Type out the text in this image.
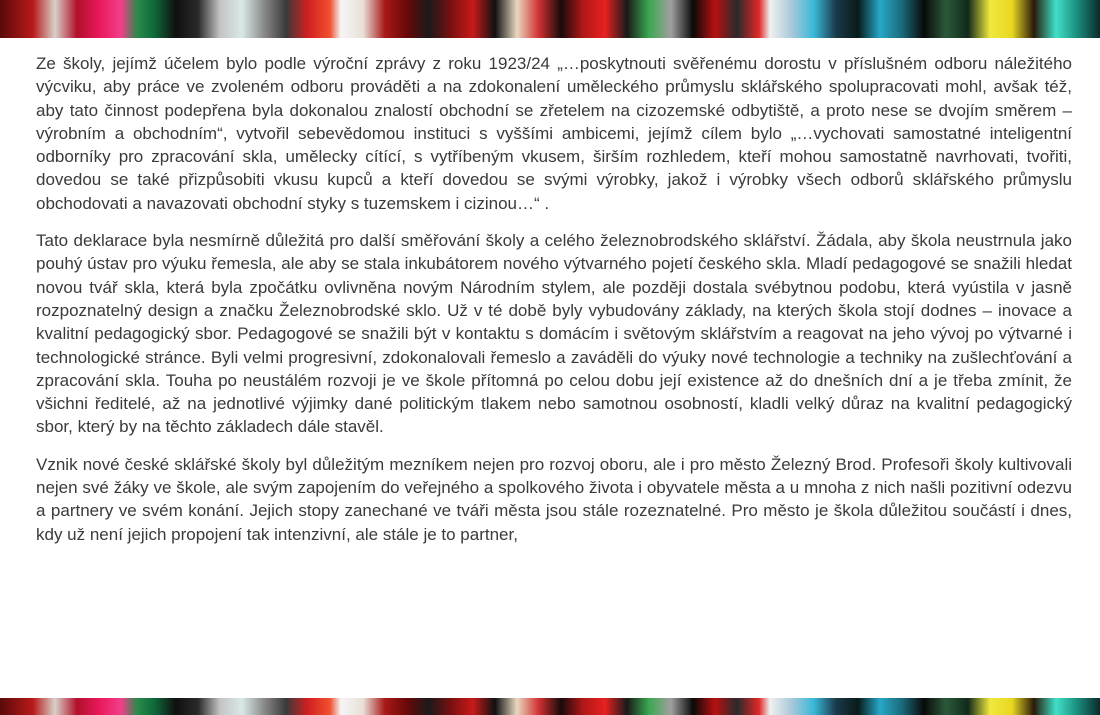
Ze školy, jejímž účelem bylo podle výroční zprávy z roku 1923/24 „…poskytnouti svěřenému dorostu v příslušném odboru náležitého výcviku, aby práce ve zvoleném odboru prováděti a na zdokonalení uměleckého průmyslu sklářského spolupracovati mohl, avšak též, aby tato činnost podepřena byla dokonalou znalostí obchodní se zřetelem na cizozemské odbytiště, a proto nese se dvojím směrem – výrobním a obchodním“, vytvořil sebevědomou instituci s vyššími ambicemi, jejímž cílem bylo „…vychovati samostatné inteligentní odborníky pro zpracování skla, umělecky cítící, s vytříbeným vkusem, širším rozhledem, kteří mohou samostatně navrhovati, tvořiti, dovedou se také přizpůsobiti vkusu kupců a kteří dovedou se svými výrobky, jakož i výrobky všech odborů sklářského průmyslu obchodovati a navazovati obchodní styky s tuzemskem i cizinou…“ .

Tato deklarace byla nesmírně důležitá pro další směřování školy a celého železnobrodského sklářství. Žádala, aby škola neustrnula jako pouhý ústav pro výuku řemesla, ale aby se stala inkubátorem nového výtvarného pojetí českého skla. Mladí pedagogové se snažili hledat novou tvář skla, která byla zpočátku ovlivněna novým Národním stylem, ale později dostala svébytnou podobu, která vyústila v jasně rozpoznatelný design a značku Železnobrodské sklo. Už v té době byly vybudovány základy, na kterých škola stojí dodnes – inovace a kvalitní pedagogický sbor. Pedagogové se snažili být v kontaktu s domácím i světovým sklářstvím a reagovat na jeho vývoj po výtvarné i technologické stránce. Byli velmi progresivní, zdokonalovali řemeslo a zaváděli do výuky nové technologie a techniky na zušlechťování a zpracování skla. Touha po neustálém rozvoji je ve škole přítomná po celou dobu její existence až do dnešních dní a je třeba zmínit, že všichni ředitelé, až na jednotlivé výjimky dané politickým tlakem nebo samotnou osobností, kladli velký důraz na kvalitní pedagogický sbor, který by na těchto základech dále stavěl.

Vznik nové české sklářské školy byl důležitým mezníkem nejen pro rozvoj oboru, ale i pro město Železný Brod. Profesoři školy kultivovali nejen své žáky ve škole, ale svým zapojením do veřejného a spolkového života i obyvatele města a u mnoha z nich našli pozitivní odezvu a partnery ve svém konání. Jejich stopy zanechané ve tváři města jsou stále rozeznatelné. Pro město je škola důležitou součástí i dnes, kdy už není jejich propojení tak intenzivní, ale stále je to partner,
